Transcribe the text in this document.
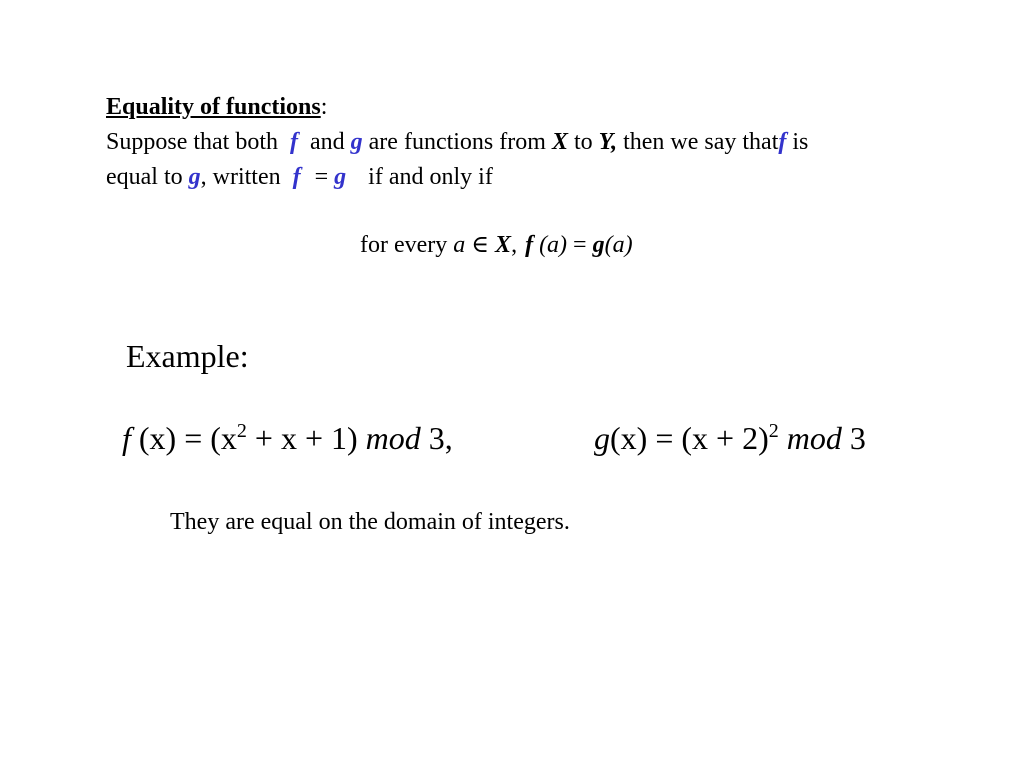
Equality of functions:
Suppose that both f and g are functions from X to Y, then we say thatf is
equal to g, written f = g if and only if
for every a ∈ X, f (a) = g(a)
Example:
f $(x) = (x^2 + x + 1)$ mod 3,	$g(x) = (x + 2)^2$ mod 3
They are equal on the domain of integers.
